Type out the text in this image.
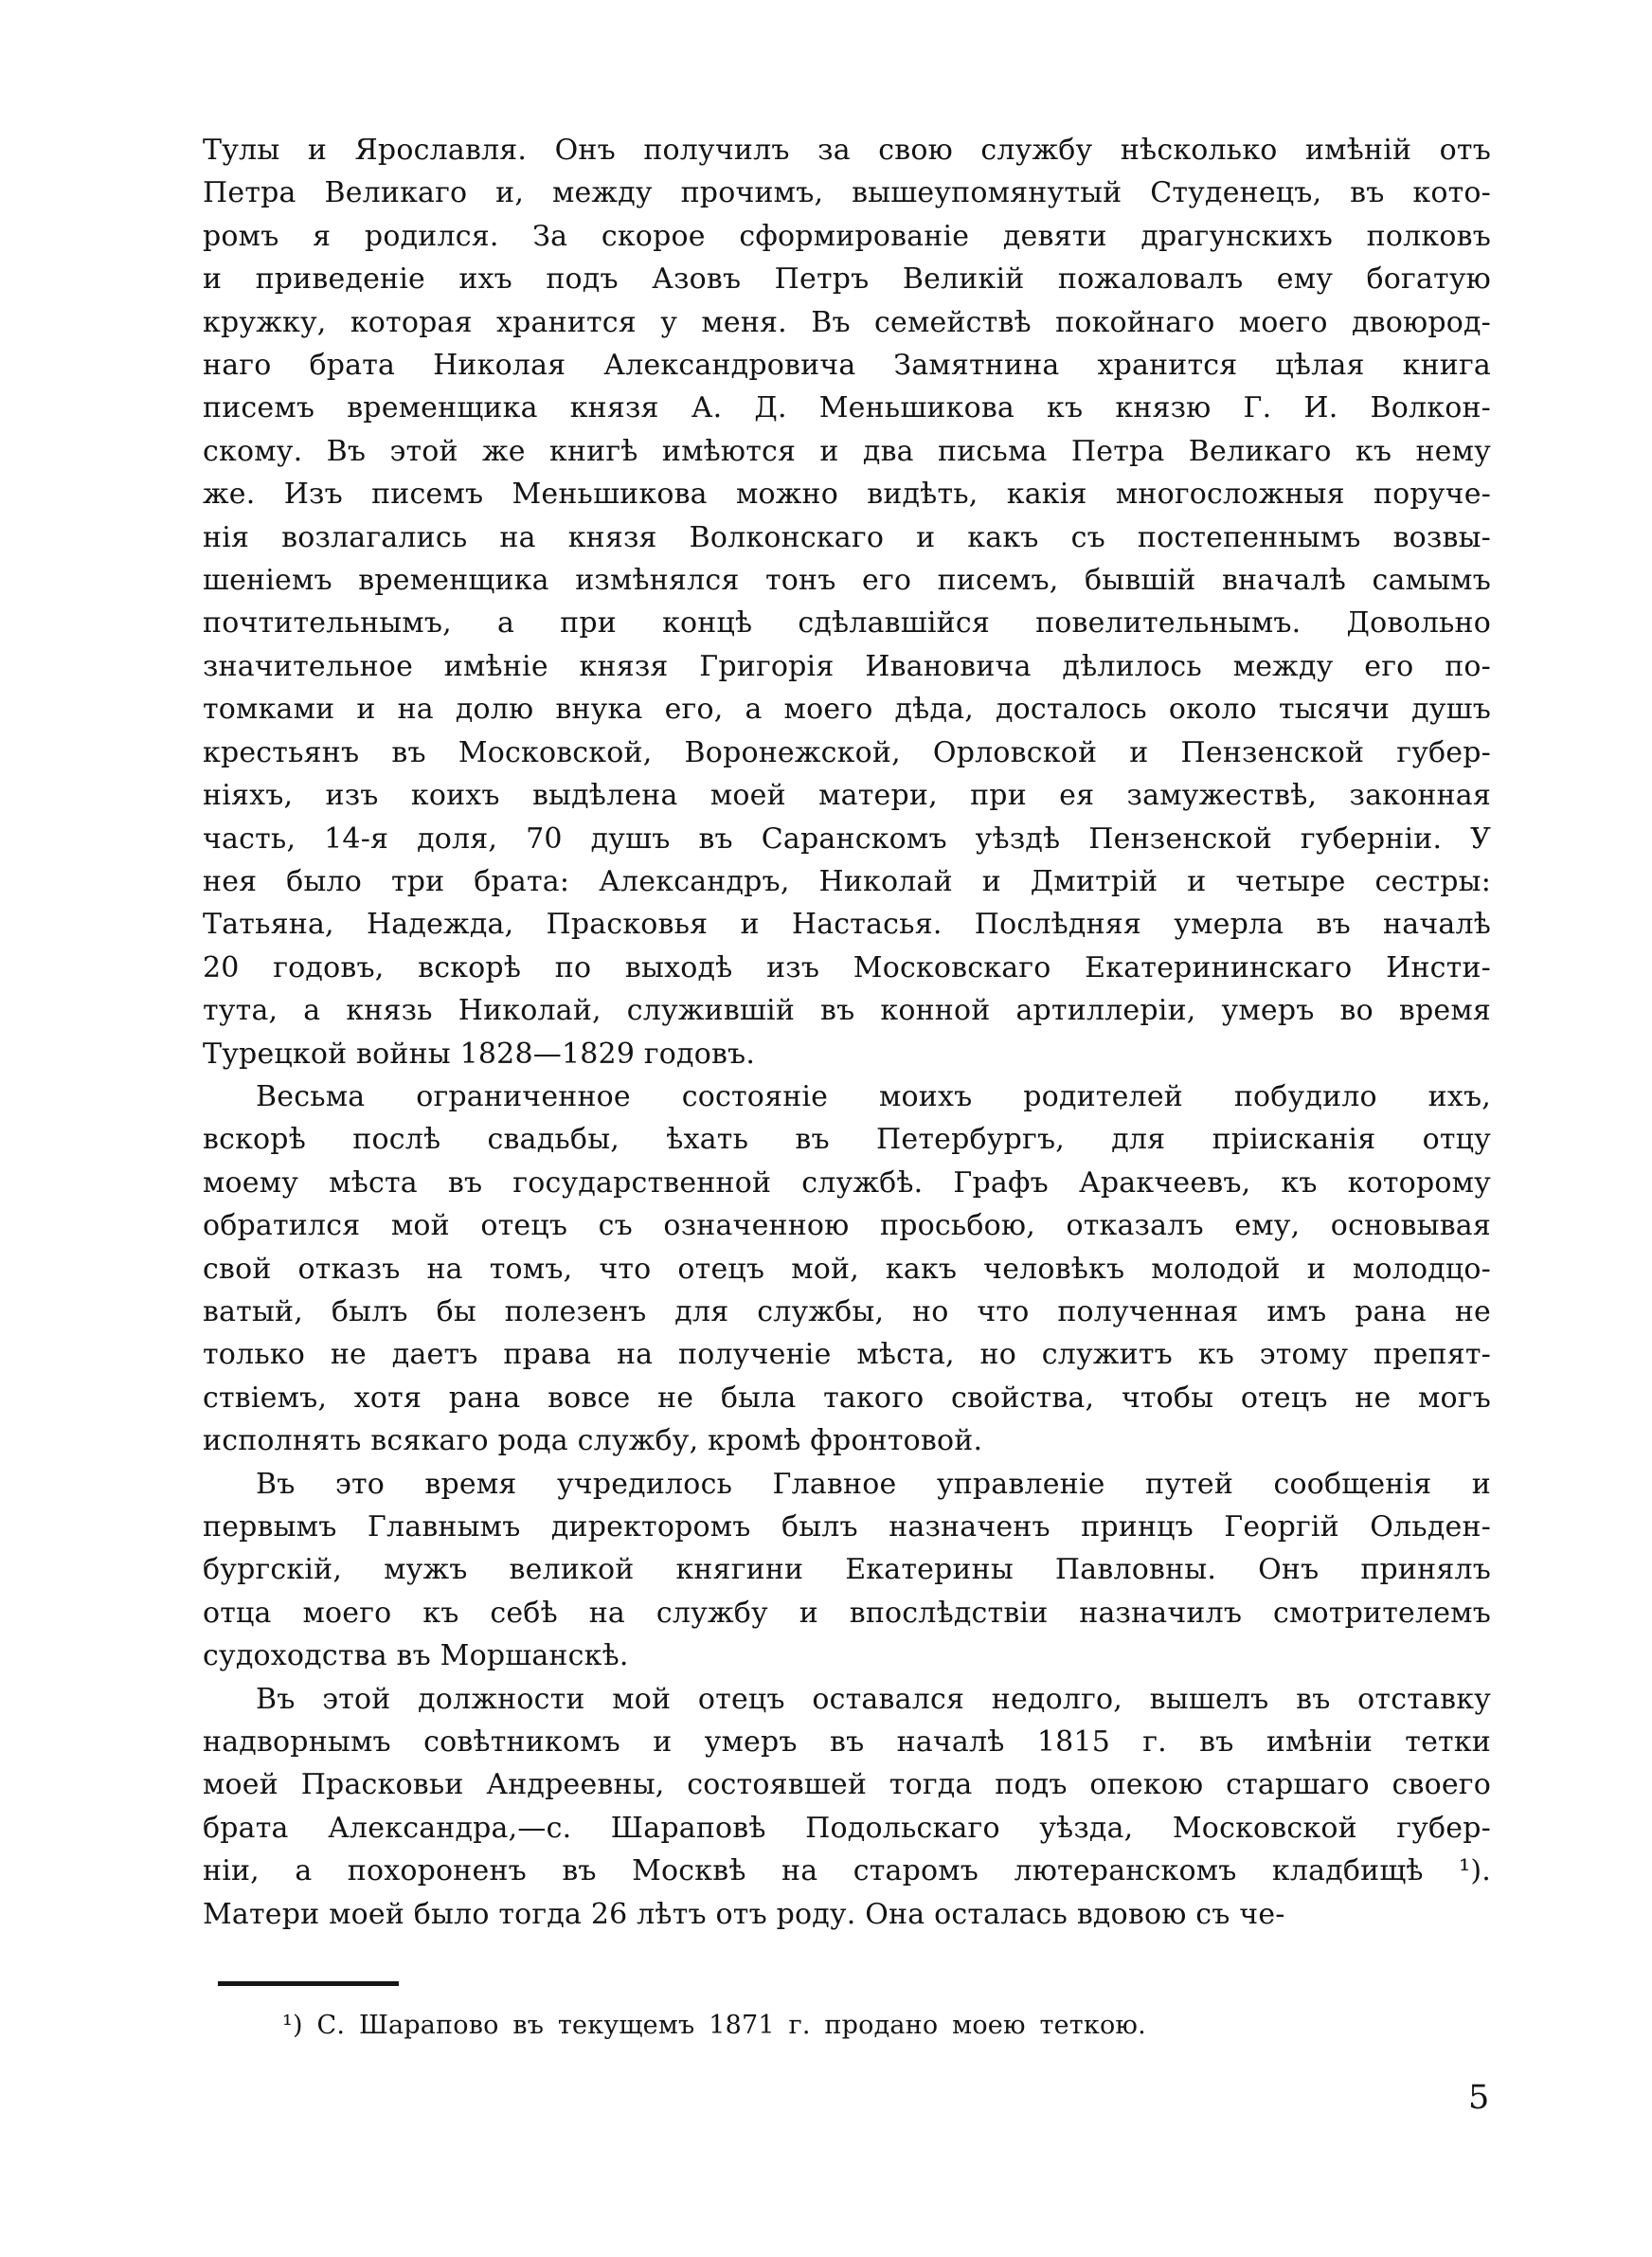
Тулы и Ярославля. Онъ получилъ за свою службу нѣсколько имѣній отъ
Петра Великаго и, между прочимъ, вышеупомянутый Студенецъ, въ кото-
ромъ я родился. За скорое сформированіе девяти драгунскихъ полковъ
и приведеніе ихъ подъ Азовъ Петръ Великій пожаловалъ ему богатую
кружку, которая хранится у меня. Въ семействѣ покойнаго моего двоюрод-
наго брата Николая Александровича Замятнина хранится цѣлая книга
писемъ временщика князя А. Д. Меньшикова къ князю Г. И. Волкон-
скому. Въ этой же книгѣ имѣются и два письма Петра Великаго къ нему
же. Изъ писемъ Меньшикова можно видѣть, какія многосложныя поруче-
нія возлагались на князя Волконскаго и какъ съ постепеннымъ возвы-
шеніемъ временщика измѣнялся тонъ его писемъ, бывшій вначалѣ самымъ
почтительнымъ, а при концѣ сдѣлавшійся повелительнымъ. Довольно
значительное имѣніе князя Григорія Ивановича дѣлилось между его по-
томками и на долю внука его, а моего дѣда, досталось около тысячи душъ
крестьянъ въ Московской, Воронежской, Орловской и Пензенской губер-
ніяхъ, изъ коихъ выдѣлена моей матери, при ея замужествѣ, законная
часть, 14-я доля, 70 душъ въ Саранскомъ уѣздѣ Пензенской губерніи. У
нея было три брата: Александръ, Николай и Дмитрій и четыре сестры:
Татьяна, Надежда, Прасковья и Настасья. Послѣдняя умерла въ началѣ
20 годовъ, вскорѣ по выходѣ изъ Московскаго Екатерининскаго Инсти-
тута, а князь Николай, служившій въ конной артиллеріи, умеръ во время
Турецкой войны 1828—1829 годовъ.
Весьма ограниченное состояніе моихъ родителей побудило ихъ,
вскорѣ послѣ свадьбы, ѣхать въ Петербургъ, для пріисканія отцу
моему мѣста въ государственной службѣ. Графъ Аракчеевъ, къ которому
обратился мой отецъ съ означенною просьбою, отказалъ ему, основывая
свой отказъ на томъ, что отецъ мой, какъ человѣкъ молодой и молодцо-
ватый, былъ бы полезенъ для службы, но что полученная имъ рана не
только не даетъ права на полученіе мѣста, но служитъ къ этому препят-
ствіемъ, хотя рана вовсе не была такого свойства, чтобы отецъ не могъ
исполнять всякаго рода службу, кромѣ фронтовой.
Въ это время учредилось Главное управленіе путей сообщенія и
первымъ Главнымъ директоромъ былъ назначенъ принцъ Георгій Ольден-
бургскій, мужъ великой княгини Екатерины Павловны. Онъ принялъ
отца моего къ себѣ на службу и впослѣдствіи назначилъ смотрителемъ
судоходства въ Моршанскѣ.
Въ этой должности мой отецъ оставался недолго, вышелъ въ отставку
надворнымъ совѣтникомъ и умеръ въ началѣ 1815 г. въ имѣніи тетки
моей Прасковьи Андреевны, состоявшей тогда подъ опекою старшаго своего
брата Александра,—с. Шараповѣ Подольскаго уѣзда, Московской губер-
ніи, а похороненъ въ Москвѣ на старомъ лютеранскомъ кладбищѣ ¹).
Матери моей было тогда 26 лѣтъ отъ роду. Она осталась вдовою съ че-
¹) С. Шарапово въ текущемъ 1871 г. продано моею теткою.
5
